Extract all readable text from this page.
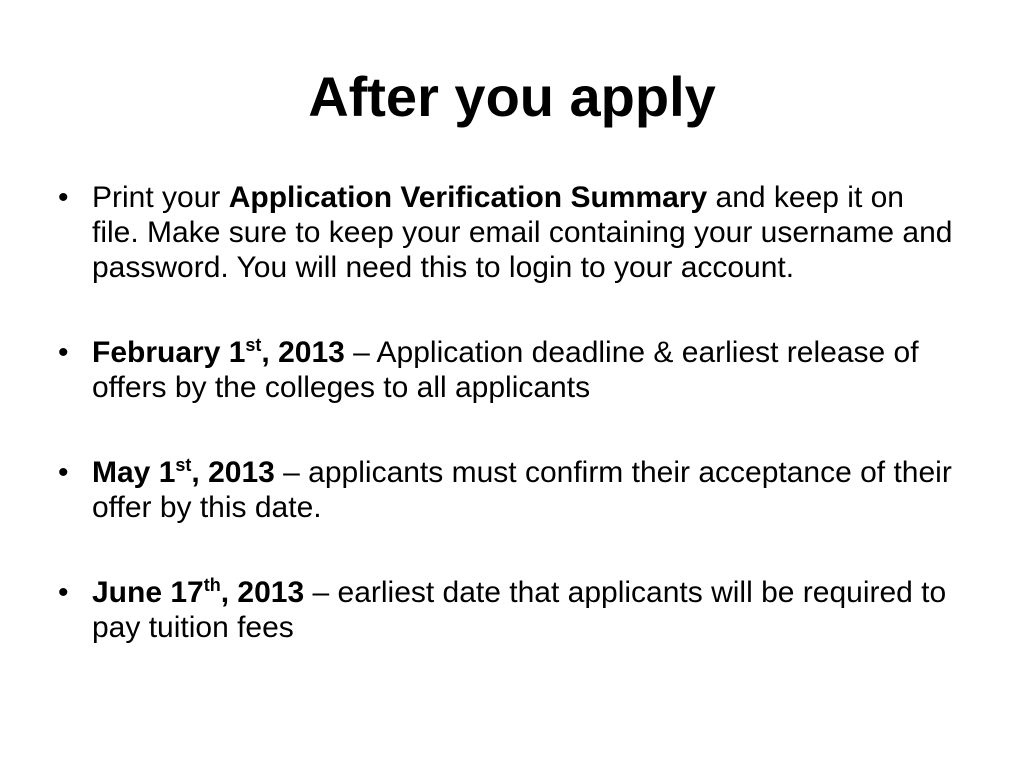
After you apply
• Print your Application Verification Summary and keep it on file. Make sure to keep your email containing your username and password. You will need this to login to your account.
• February 1st, 2013 – Application deadline & earliest release of offers by the colleges to all applicants
• May 1st, 2013 – applicants must confirm their acceptance of their offer by this date.
• June 17th, 2013 – earliest date that applicants will be required to pay tuition fees
